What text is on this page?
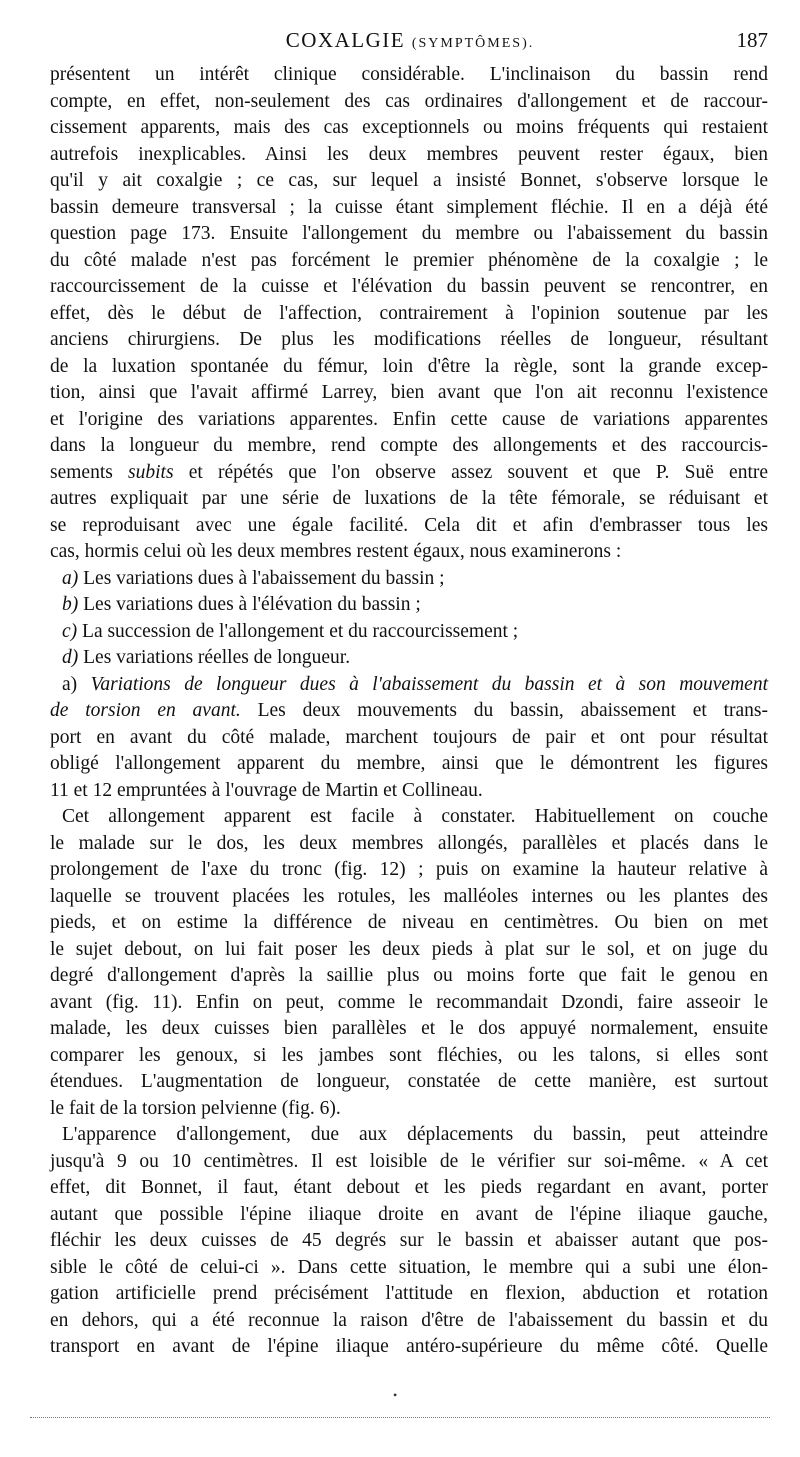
COXALGIE (SYMPTÔMES).	187
présentent un intérêt clinique considérable. L'inclinaison du bassin rend
compte, en effet, non-seulement des cas ordinaires d'allongement et de raccour-
cissement apparents, mais des cas exceptionnels ou moins fréquents qui restaient
autrefois inexplicables. Ainsi les deux membres peuvent rester égaux, bien
qu'il y ait coxalgie ; ce cas, sur lequel a insisté Bonnet, s'observe lorsque le
bassin demeure transversal ; la cuisse étant simplement fléchie. Il en a déjà été
question page 173. Ensuite l'allongement du membre ou l'abaissement du bassin
du côté malade n'est pas forcément le premier phénomène de la coxalgie ; le
raccourcissement de la cuisse et l'élévation du bassin peuvent se rencontrer, en
effet, dès le début de l'affection, contrairement à l'opinion soutenue par les
anciens chirurgiens. De plus les modifications réelles de longueur, résultant
de la luxation spontanée du fémur, loin d'être la règle, sont la grande excep-
tion, ainsi que l'avait affirmé Larrey, bien avant que l'on ait reconnu l'existence
et l'origine des variations apparentes. Enfin cette cause de variations apparentes
dans la longueur du membre, rend compte des allongements et des raccourcis-
sements subits et répétés que l'on observe assez souvent et que P. Suë entre
autres expliquait par une série de luxations de la tête fémorale, se réduisant et
se reproduisant avec une égale facilité. Cela dit et afin d'embrasser tous les
cas, hormis celui où les deux membres restent égaux, nous examinerons :
a) Les variations dues à l'abaissement du bassin ;
b) Les variations dues à l'élévation du bassin ;
c) La succession de l'allongement et du raccourcissement ;
d) Les variations réelles de longueur.
a) Variations de longueur dues à l'abaissement du bassin et à son mouvement
de torsion en avant. Les deux mouvements du bassin, abaissement et trans-
port en avant du côté malade, marchent toujours de pair et ont pour résultat
obligé l'allongement apparent du membre, ainsi que le démontrent les figures
11 et 12 empruntées à l'ouvrage de Martin et Collineau.
Cet allongement apparent est facile à constater. Habituellement on couche
le malade sur le dos, les deux membres allongés, parallèles et placés dans le
prolongement de l'axe du tronc (fig. 12) ; puis on examine la hauteur relative à
laquelle se trouvent placées les rotules, les malléoles internes ou les plantes des
pieds, et on estime la différence de niveau en centimètres. Ou bien on met
le sujet debout, on lui fait poser les deux pieds à plat sur le sol, et on juge du
degré d'allongement d'après la saillie plus ou moins forte que fait le genou en
avant (fig. 11). Enfin on peut, comme le recommandait Dzondi, faire asseoir le
malade, les deux cuisses bien parallèles et le dos appuyé normalement, ensuite
comparer les genoux, si les jambes sont fléchies, ou les talons, si elles sont
étendues. L'augmentation de longueur, constatée de cette manière, est surtout
le fait de la torsion pelvienne (fig. 6).
L'apparence d'allongement, due aux déplacements du bassin, peut atteindre
jusqu'à 9 ou 10 centimètres. Il est loisible de le vérifier sur soi-même. « A cet
effet, dit Bonnet, il faut, étant debout et les pieds regardant en avant, porter
autant que possible l'épine iliaque droite en avant de l'épine iliaque gauche,
fléchir les deux cuisses de 45 degrés sur le bassin et abaisser autant que pos-
sible le côté de celui-ci ». Dans cette situation, le membre qui a subi une élon-
gation artificielle prend précisément l'attitude en flexion, abduction et rotation
en dehors, qui a été reconnue la raison d'être de l'abaissement du bassin et du
transport en avant de l'épine iliaque antéro-supérieure du même côté. Quelle
•
